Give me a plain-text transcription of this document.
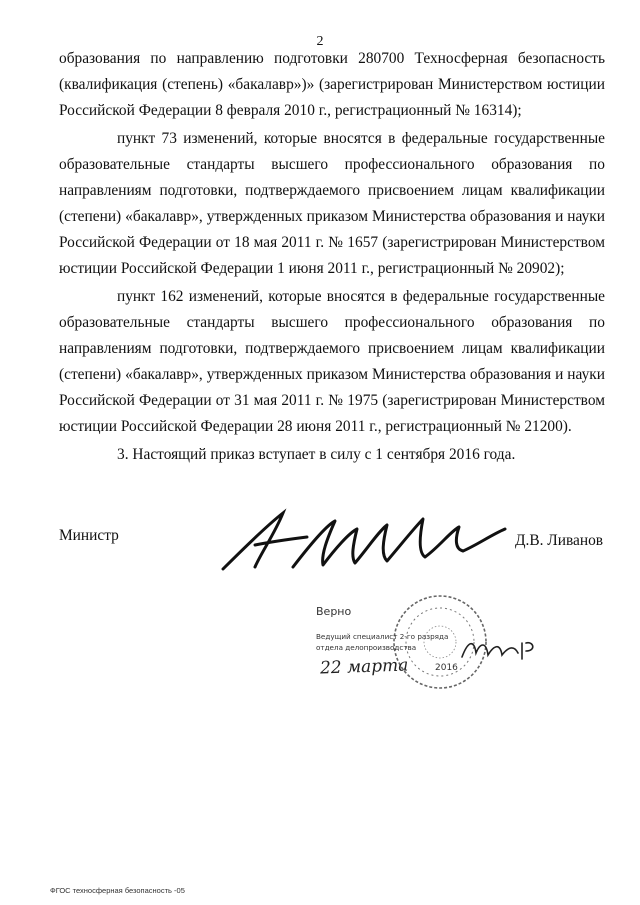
2

образования по направлению подготовки 280700 Техносферная безопасность (квалификация (степень) «бакалавр»)» (зарегистрирован Министерством юстиции Российской Федерации 8 февраля 2010 г., регистрационный № 16314);

пункт 73 изменений, которые вносятся в федеральные государственные образовательные стандарты высшего профессионального образования по направлениям подготовки, подтверждаемого присвоением лицам квалификации (степени) «бакалавр», утвержденных приказом Министерства образования и науки Российской Федерации от 18 мая 2011 г. № 1657 (зарегистрирован Министерством юстиции Российской Федерации 1 июня 2011 г., регистрационный № 20902);

пункт 162 изменений, которые вносятся в федеральные государственные образовательные стандарты высшего профессионального образования по направлениям подготовки, подтверждаемого присвоением лицам квалификации (степени) «бакалавр», утвержденных приказом Министерства образования и науки Российской Федерации от 31 мая 2011 г. № 1975 (зарегистрирован Министерством юстиции Российской Федерации 28 июня 2011 г., регистрационный № 21200).

3. Настоящий приказ вступает в силу с 1 сентября 2016 года.

Министр	Д.В. Ливанов
Верно
Ведущий специалист 2-го разряда
отдела делопроизводства
22 марта	2016
ФГОС техносферная безопасность -05
